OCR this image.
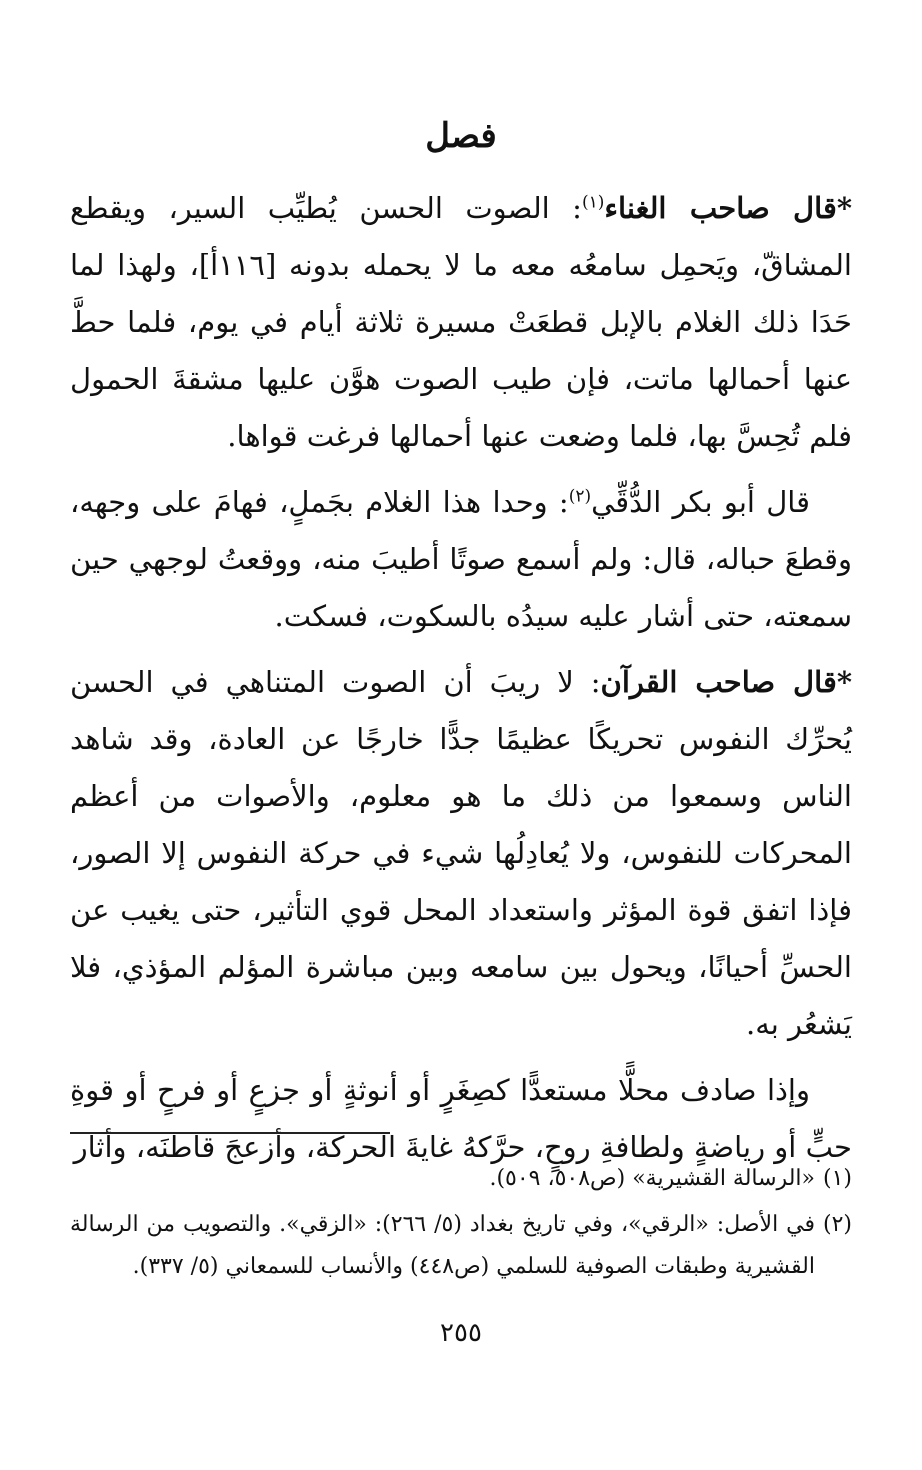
فصل

*قال صاحب الغناء$^{(١)}$: الصوت الحسن يُطيِّب السير، ويقطع المشاقّ، ويَحمِل سامعُه معه ما لا يحمله بدونه [١١٦أ]، ولهذا لما حَدَا ذلك الغلام بالإبل قطعَتْ مسيرة ثلاثة أيام في يوم، فلما حطَّ عنها أحمالها ماتت، فإن طيب الصوت هوَّن عليها مشقةَ الحمول فلم تُحِسَّ بها، فلما وضعت عنها أحمالها فرغت قواها.

قال أبو بكر الدُّقِّي$^{(٢)}$: وحدا هذا الغلام بجَملٍ، فهامَ على وجهه، وقطعَ حباله، قال: ولم أسمع صوتًا أطيبَ منه، ووقعتُ لوجهي حين سمعته، حتى أشار عليه سيدُه بالسكوت، فسكت.

*قال صاحب القرآن: لا ريبَ أن الصوت المتناهي في الحسن يُحرِّك النفوس تحريكًا عظيمًا جدًّا خارجًا عن العادة، وقد شاهد الناس وسمعوا من ذلك ما هو معلوم، والأصوات من أعظم المحركات للنفوس، ولا يُعادِلُها شيء في حركة النفوس إلا الصور، فإذا اتفق قوة المؤثر واستعداد المحل قوي التأثير، حتى يغيب عن الحسِّ أحيانًا، ويحول بين سامعه وبين مباشرة المؤلم المؤذي، فلا يَشعُر به.

وإذا صادف محلًّا مستعدًّا كصِغَرٍ أو أنوثةٍ أو جزعٍ أو فرحٍ أو قوةِ حبٍّ أو رياضةٍ ولطافةِ روحٍ، حرَّكهُ غايةَ الحركة، وأزعجَ قاطنَه، وأثار

(١)
«الرسالة القشيرية» (ص٥٠٨، ٥٠٩).
(٢)
في الأصل: «الرقي»، وفي تاريخ بغداد (٥/ ٢٦٦): «الزقي». والتصويب من الرسالة القشيرية وطبقات الصوفية للسلمي (ص٤٤٨) والأنساب للسمعاني (٥/ ٣٣٧).
٢٥٥
